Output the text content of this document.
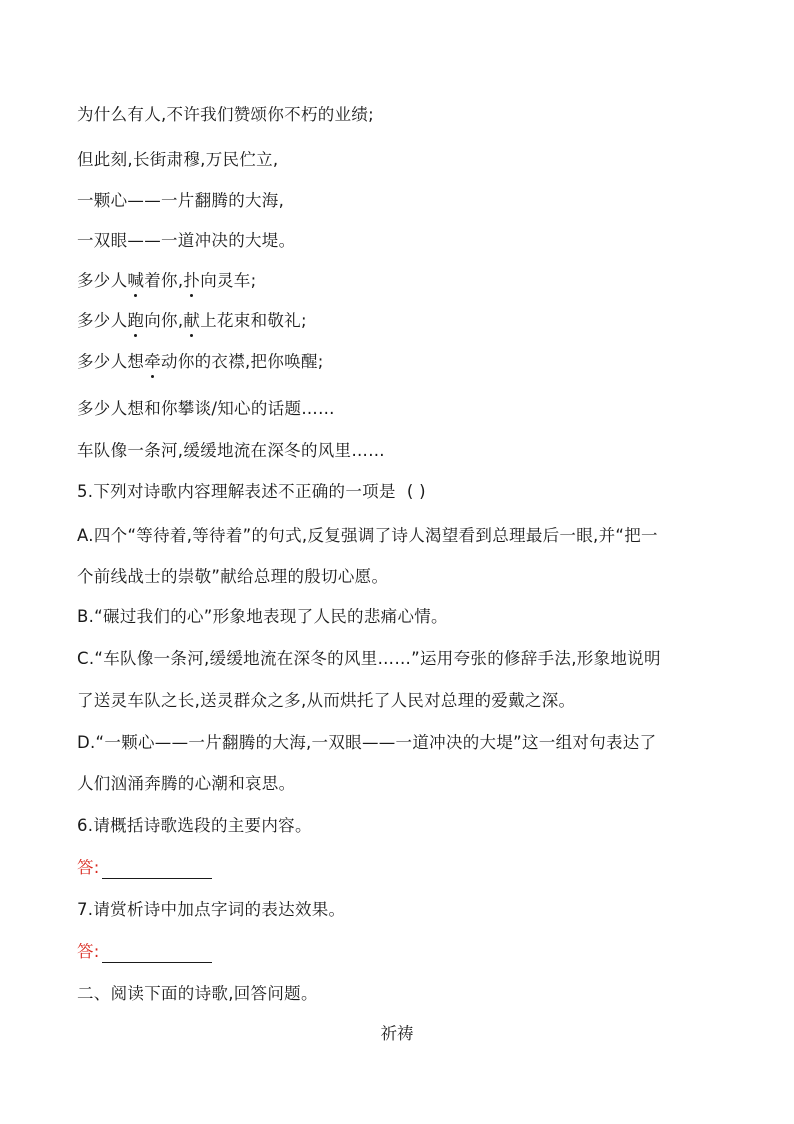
为什么有人,不许我们赞颂你不朽的业绩;
但此刻,长街肃穆,万民伫立,
一颗心——一片翻腾的大海,
一双眼——一道冲决的大堤。
多少人喊着你,扑向灵车;
多少人跑向你,献上花束和敬礼;
多少人想牵动你的衣襟,把你唤醒;
多少人想和你攀谈/知心的话题……
车队像一条河,缓缓地流在深冬的风里……
5.下列对诗歌内容理解表述不正确的一项是 ( )
A.四个“等待着,等待着”的句式,反复强调了诗人渴望看到总理最后一眼,并“把一
个前线战士的崇敬”献给总理的殷切心愿。
B.“碾过我们的心”形象地表现了人民的悲痛心情。
C.“车队像一条河,缓缓地流在深冬的风里……”运用夸张的修辞手法,形象地说明
了送灵车队之长,送灵群众之多,从而烘托了人民对总理的爱戴之深。
D.“一颗心——一片翻腾的大海,一双眼——一道冲决的大堤”这一组对句表达了
人们汹涌奔腾的心潮和哀思。
6.请概括诗歌选段的主要内容。
答:
7.请赏析诗中加点字词的表达效果。
答:
二、阅读下面的诗歌,回答问题。
祈祷
